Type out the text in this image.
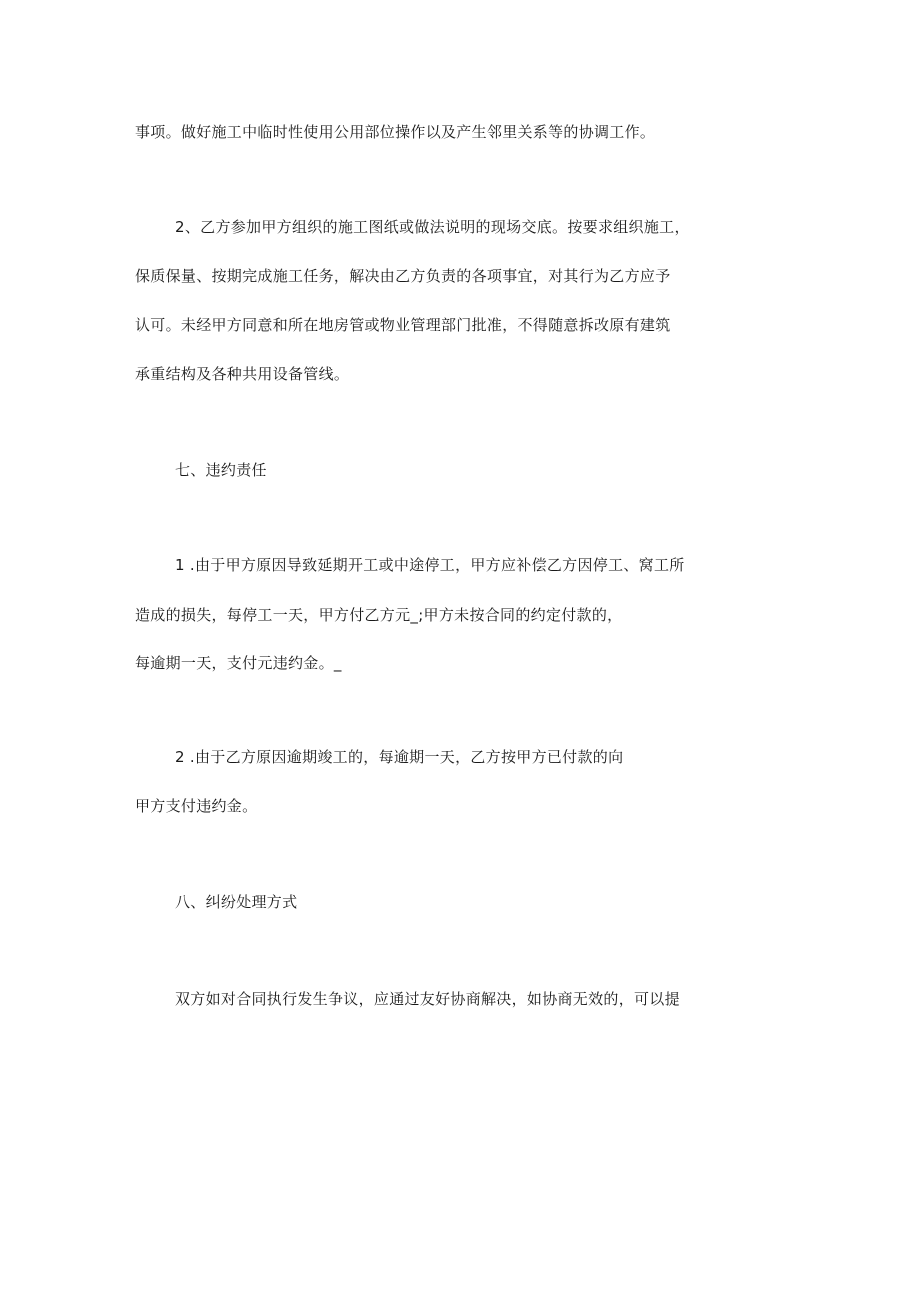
事项。做好施工中临时性使用公用部位操作以及产生邻里关系等的协调工作。
2、乙方参加甲方组织的施工图纸或做法说明的现场交底。按要求组织施工，
保质保量、按期完成施工任务，解决由乙方负责的各项事宜，对其行为乙方应予
认可。未经甲方同意和所在地房管或物业管理部门批准，不得随意拆改原有建筑
承重结构及各种共用设备管线。
七、违约责任
1 .由于甲方原因导致延期开工或中途停工，甲方应补偿乙方因停工、窝工所
造成的损失，每停工一天，甲方付乙方元_;甲方未按合同的约定付款的，
每逾期一天，支付元违约金。_
2 .由于乙方原因逾期竣工的，每逾期一天，乙方按甲方已付款的向
甲方支付违约金。
八、纠纷处理方式
双方如对合同执行发生争议，应通过友好协商解决，如协商无效的，可以提
